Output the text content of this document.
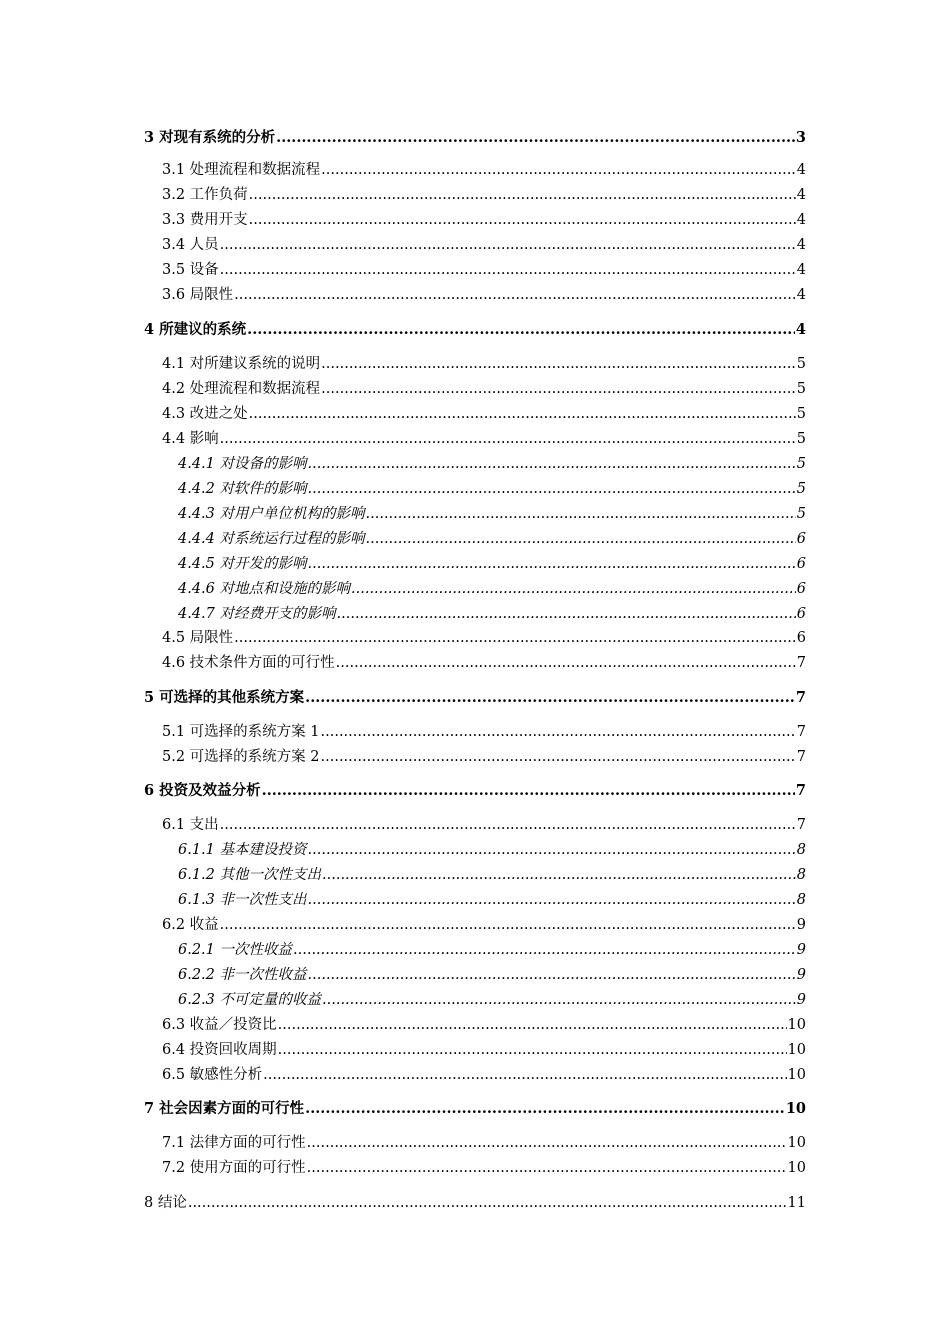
3 对现有系统的分析 .....	3
3.1 处理流程和数据流程 .....	4
3.2 工作负荷 .....	4
3.3 费用开支 .....	4
3.4 人员 .....	4
3.5 设备 .....	4
3.6 局限性 .....	4
4 所建议的系统 .....	4
4.1 对所建议系统的说明 .....	5
4.2 处理流程和数据流程 .....	5
4.3 改进之处 .....	5
4.4 影响 .....	5
4.4.1 对设备的影响 .....	5
4.4.2 对软件的影响 .....	5
4.4.3 对用户单位机构的影响 .....	5
4.4.4 对系统运行过程的影响 .....	6
4.4.5 对开发的影响 .....	6
4.4.6 对地点和设施的影响 .....	6
4.4.7 对经费开支的影响 .....	6
4.5 局限性 .....	6
4.6 技术条件方面的可行性 .....	7
5 可选择的其他系统方案 .....	7
5.1 可选择的系统方案 1 .....	7
5.2 可选择的系统方案 2 .....	7
6 投资及效益分析 .....	7
6.1 支出 .....	7
6.1.1 基本建设投资 .....	8
6.1.2 其他一次性支出 .....	8
6.1.3 非一次性支出 .....	8
6.2 收益 .....	9
6.2.1 一次性收益 .....	9
6.2.2 非一次性收益 .....	9
6.2.3 不可定量的收益 .....	9
6.3 收益／投资比 .....	10
6.4 投资回收周期 .....	10
6.5 敏感性分析 .....	10
7 社会因素方面的可行性 .....	10
7.1 法律方面的可行性 .....	10
7.2 使用方面的可行性 .....	10
8 结论 .....	11
